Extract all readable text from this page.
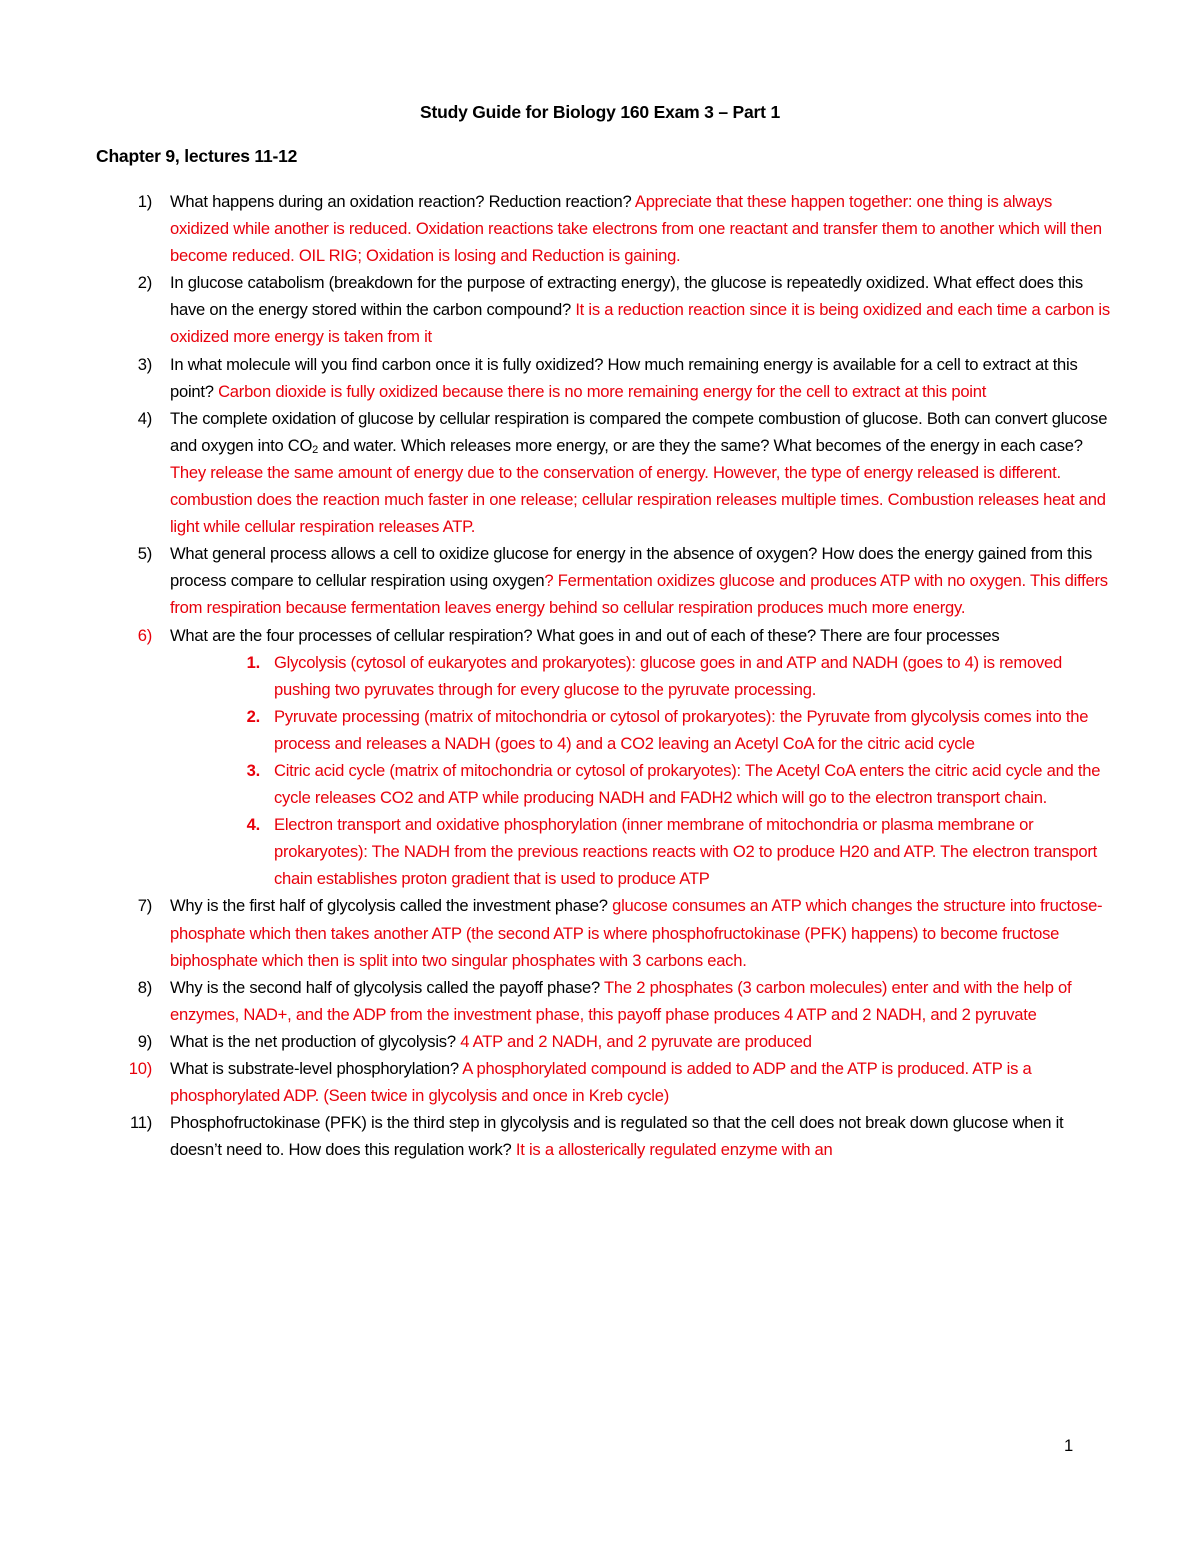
Study Guide for Biology 160 Exam 3 – Part 1
Chapter 9, lectures 11-12
1) What happens during an oxidation reaction? Reduction reaction? Appreciate that these happen together: one thing is always oxidized while another is reduced. Oxidation reactions take electrons from one reactant and transfer them to another which will then become reduced. OIL RIG; Oxidation is losing and Reduction is gaining.
2) In glucose catabolism (breakdown for the purpose of extracting energy), the glucose is repeatedly oxidized. What effect does this have on the energy stored within the carbon compound? It is a reduction reaction since it is being oxidized and each time a carbon is oxidized more energy is taken from it
3) In what molecule will you find carbon once it is fully oxidized? How much remaining energy is available for a cell to extract at this point? Carbon dioxide is fully oxidized because there is no more remaining energy for the cell to extract at this point
4) The complete oxidation of glucose by cellular respiration is compared the compete combustion of glucose. Both can convert glucose and oxygen into $CO_2$ and water. Which releases more energy, or are they the same? What becomes of the energy in each case? They release the same amount of energy due to the conservation of energy. However, the type of energy released is different. combustion does the reaction much faster in one release; cellular respiration releases multiple times. Combustion releases heat and light while cellular respiration releases ATP.
5) What general process allows a cell to oxidize glucose for energy in the absence of oxygen? How does the energy gained from this process compare to cellular respiration using oxygen? Fermentation oxidizes glucose and produces ATP with no oxygen. This differs from respiration because fermentation leaves energy behind so cellular respiration produces much more energy.
6) What are the four processes of cellular respiration? What goes in and out of each of these? There are four processes
1. Glycolysis (cytosol of eukaryotes and prokaryotes): glucose goes in and ATP and NADH (goes to 4) is removed pushing two pyruvates through for every glucose to the pyruvate processing.
2. Pyruvate processing (matrix of mitochondria or cytosol of prokaryotes): the Pyruvate from glycolysis comes into the process and releases a NADH (goes to 4) and a CO2 leaving an Acetyl CoA for the citric acid cycle
3. Citric acid cycle (matrix of mitochondria or cytosol of prokaryotes): The Acetyl CoA enters the citric acid cycle and the cycle releases CO2 and ATP while producing NADH and FADH2 which will go to the electron transport chain.
4. Electron transport and oxidative phosphorylation (inner membrane of mitochondria or plasma membrane or prokaryotes): The NADH from the previous reactions reacts with O2 to produce H20 and ATP. The electron transport chain establishes proton gradient that is used to produce ATP
7) Why is the first half of glycolysis called the investment phase? glucose consumes an ATP which changes the structure into fructose-phosphate which then takes another ATP (the second ATP is where phosphofructokinase (PFK) happens) to become fructose biphosphate which then is split into two singular phosphates with 3 carbons each.
8) Why is the second half of glycolysis called the payoff phase? The 2 phosphates (3 carbon molecules) enter and with the help of enzymes, NAD+, and the ADP from the investment phase, this payoff phase produces 4 ATP and 2 NADH, and 2 pyruvate
9) What is the net production of glycolysis? 4 ATP and 2 NADH, and 2 pyruvate are produced
10) What is substrate-level phosphorylation? A phosphorylated compound is added to ADP and the ATP is produced. ATP is a phosphorylated ADP. (Seen twice in glycolysis and once in Kreb cycle)
11) Phosphofructokinase (PFK) is the third step in glycolysis and is regulated so that the cell does not break down glucose when it doesn’t need to. How does this regulation work? It is a allosterically regulated enzyme with an
1
